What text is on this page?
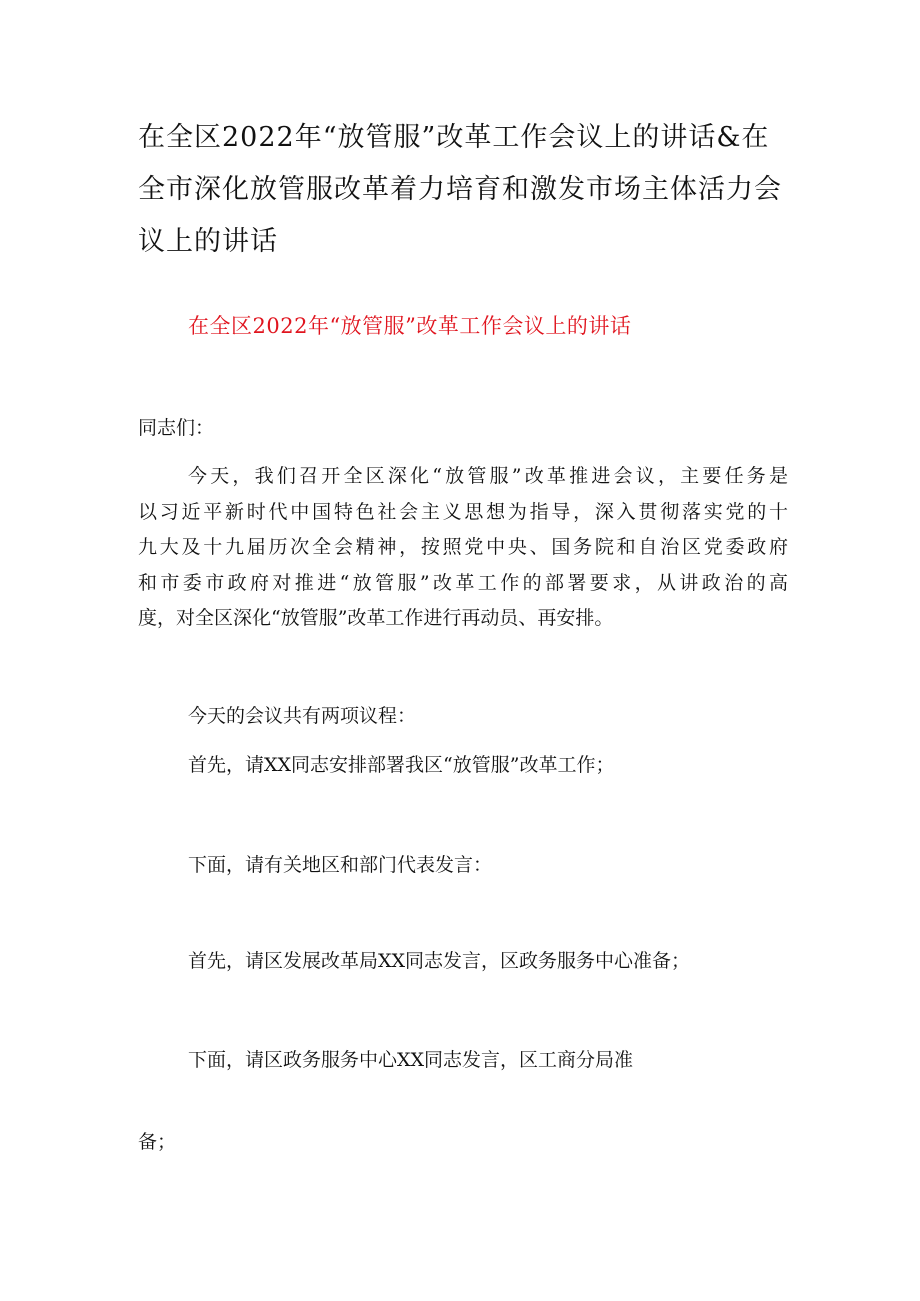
在全区2022年“放管服”改革工作会议上的讲话&在全市深化放管服改革着力培育和激发市场主体活力会议上的讲话
在全区2022年“放管服”改革工作会议上的讲话

同志们：

今天，我们召开全区深化“放管服”改革推进会议，主要任务是
以习近平新时代中国特色社会主义思想为指导，深入贯彻落实党的十
九大及十九届历次全会精神，按照党中央、国务院和自治区党委政府
和市委市政府对推进“放管服”改革工作的部署要求，从讲政治的高
度，对全区深化“放管服”改革工作进行再动员、再安排。

今天的会议共有两项议程：

首先，请XX同志安排部署我区“放管服”改革工作；

下面，请有关地区和部门代表发言：

首先，请区发展改革局XX同志发言，区政务服务中心准备；

下面，请区政务服务中心XX同志发言，区工商分局准

备；
